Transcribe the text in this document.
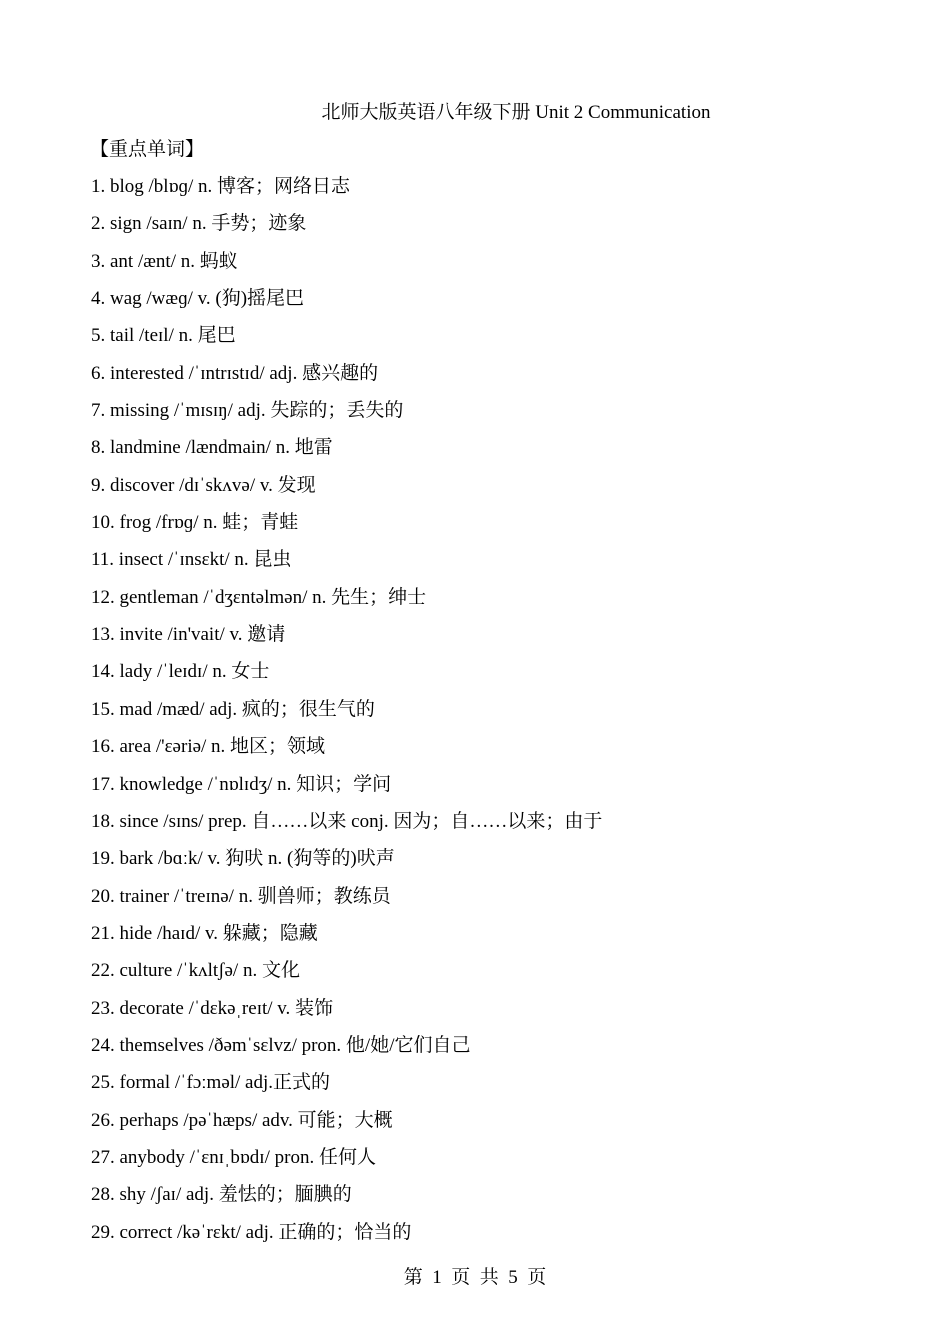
北师大版英语八年级下册 Unit 2 Communication
【重点单词】
1. blog /blɒɡ/ n. 博客；网络日志
2. sign /saɪn/ n. 手势；迹象
3. ant /ænt/ n. 蚂蚁
4. wag /wæɡ/ v. (狗)摇尾巴
5. tail /teɪl/ n. 尾巴
6. interested /ˈɪntrɪstɪd/ adj. 感兴趣的
7. missing /ˈmɪsɪŋ/ adj. 失踪的；丢失的
8. landmine /lændmain/ n. 地雷
9. discover /dɪˈskʌvə/ v. 发现
10. frog /frɒɡ/ n. 蛙；青蛙
11. insect /ˈɪnsɛkt/ n. 昆虫
12. gentleman /ˈdʒɛntəlmən/ n. 先生；绅士
13. invite /in'vait/ v. 邀请
14. lady /ˈleɪdɪ/ n. 女士
15. mad /mæd/ adj. 疯的；很生气的
16. area /'ɛəriə/ n. 地区；领域
17. knowledge /ˈnɒlɪdʒ/ n. 知识；学问
18. since /sɪns/ prep. 自……以来 conj. 因为；自……以来；由于
19. bark /bɑːk/ v. 狗吠 n. (狗等的)吠声
20. trainer /ˈtreɪnə/ n. 驯兽师；教练员
21. hide /haɪd/ v. 躲藏；隐藏
22. culture /ˈkʌltʃə/ n. 文化
23. decorate /ˈdɛkəˌreɪt/ v. 装饰
24. themselves /ðəmˈsɛlvz/ pron. 他/她/它们自己
25. formal /ˈfɔːməl/ adj.正式的
26. perhaps /pəˈhæps/ adv. 可能；大概
27. anybody /ˈɛnɪˌbɒdɪ/ pron. 任何人
28. shy /ʃaɪ/ adj. 羞怯的；腼腆的
29. correct /kəˈrɛkt/ adj. 正确的；恰当的
第  1  页  共  5  页
